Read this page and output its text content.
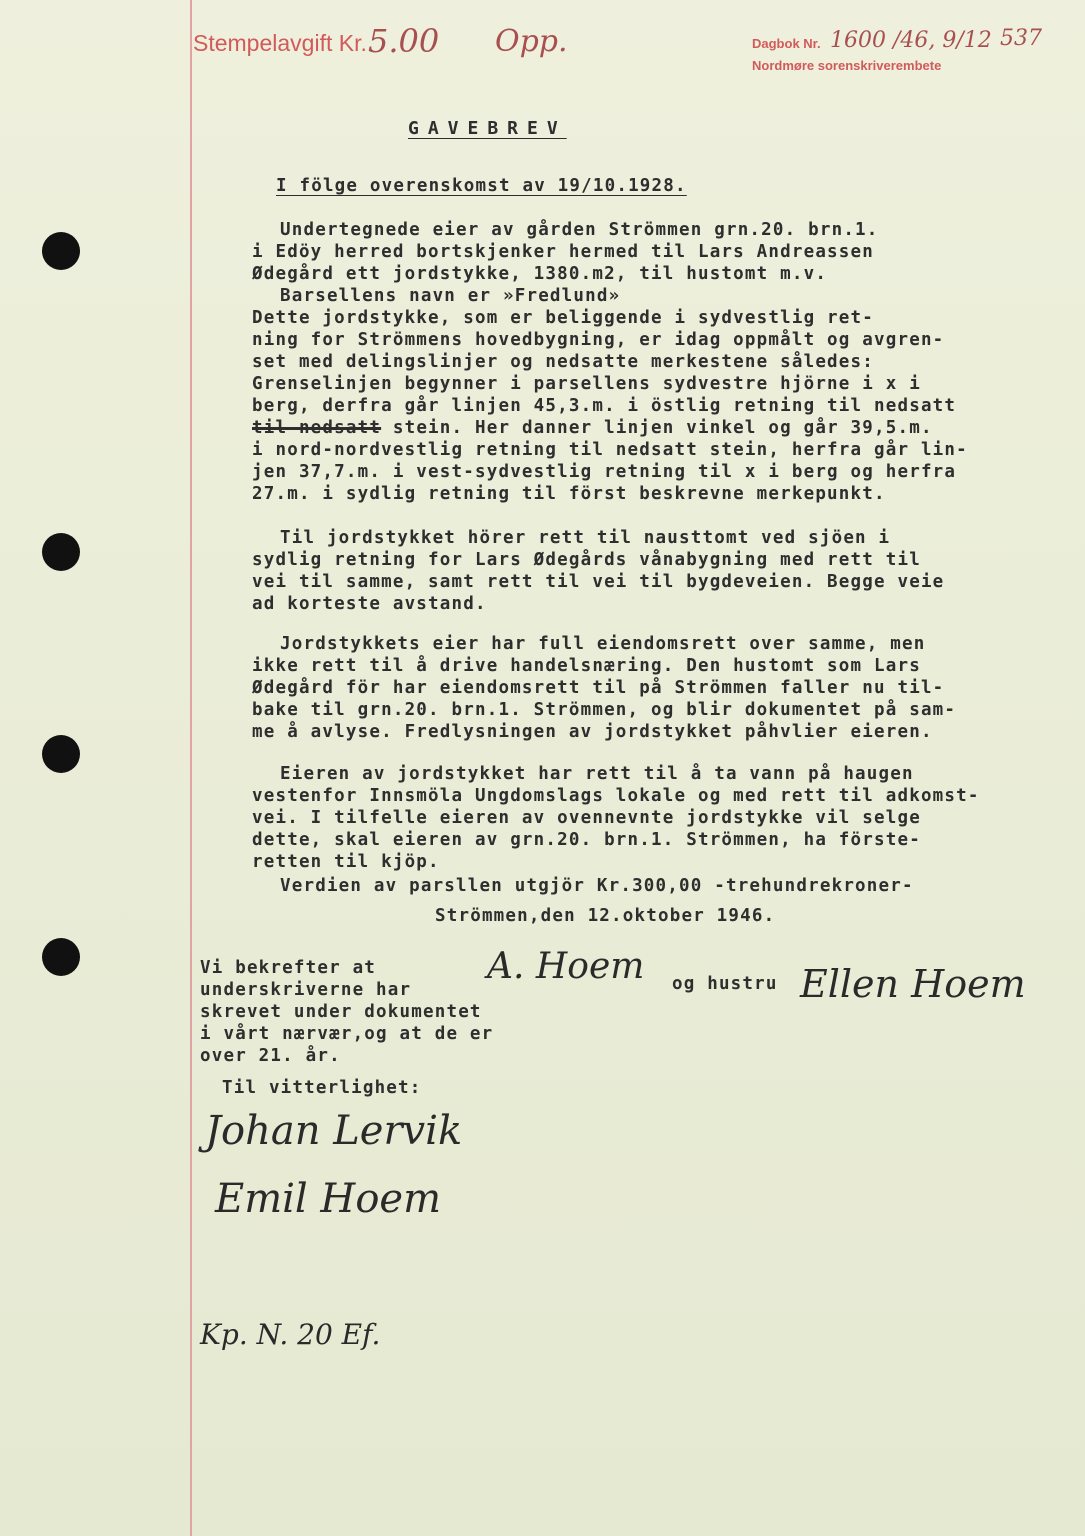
Stempelavgift Kr. 5.00 Opp.	Dagbok Nr. 1600 /46, 9/12 537
Nordmøre sorenskriverembete
GAVEBREV
I fölge overenskomst av 19/10.1928.
Undertegnede eier av gården Strömmen grn.20. brn.1.
i Edöy herred bortskjenker hermed til Lars Andreassen
Ødegård ett jordstykke, 1380.m2, til hustomt m.v.
Barsellens navn er »Fredlund»
Dette jordstykke, som er beliggende i sydvestlig ret-
ning for Strömmens hovedbygning, er idag oppmålt og avgren-
set med delingslinjer og nedsatte merkestene således:
Grenselinjen begynner i parsellens sydvestre hjörne i x i
berg, derfra går linjen 45,3.m. i östlig retning til nedsatt
til nedsatt stein. Her danner linjen vinkel og går 39,5.m.
i nord-nordvestlig retning til nedsatt stein, herfra går lin-
jen 37,7.m. i vest-sydvestlig retning til x i berg og herfra
27.m. i sydlig retning til först beskrevne merkepunkt.
Til jordstykket hörer rett til nausttomt ved sjöen i
sydlig retning for Lars Ødegårds vånabygning med rett til
vei til samme, samt rett til vei til bygdeveien. Begge veie
ad korteste avstand.
Jordstykkets eier har full eiendomsrett over samme, men
ikke rett til å drive handelsnæring. Den hustomt som Lars
Ødegård för har eiendomsrett til på Strömmen faller nu til-
bake til grn.20. brn.1. Strömmen, og blir dokumentet på sam-
me å avlyse. Fredlysningen av jordstykket påhvlier eieren.
Eieren av jordstykket har rett til å ta vann på haugen
vestenfor Innsmöla Ungdomslags lokale og med rett til adkomst-
vei. I tilfelle eieren av ovennevnte jordstykke vil selge
dette, skal eieren av grn.20. brn.1. Strömmen, ha förste-
retten til kjöp.
Verdien av parsllen utgjör Kr.300,00 -trehundrekroner-
Strömmen,den 12.oktober 1946.
Vi bekrefter at
underskriverne har
skrevet under dokumentet
i vårt nærvær,og at de er
over 21. år.
A. Hoem og hustru Ellen Hoem
Til vitterlighet:
Johan Lervik
Emil Hoem
Kp. N. 20 Ef.
